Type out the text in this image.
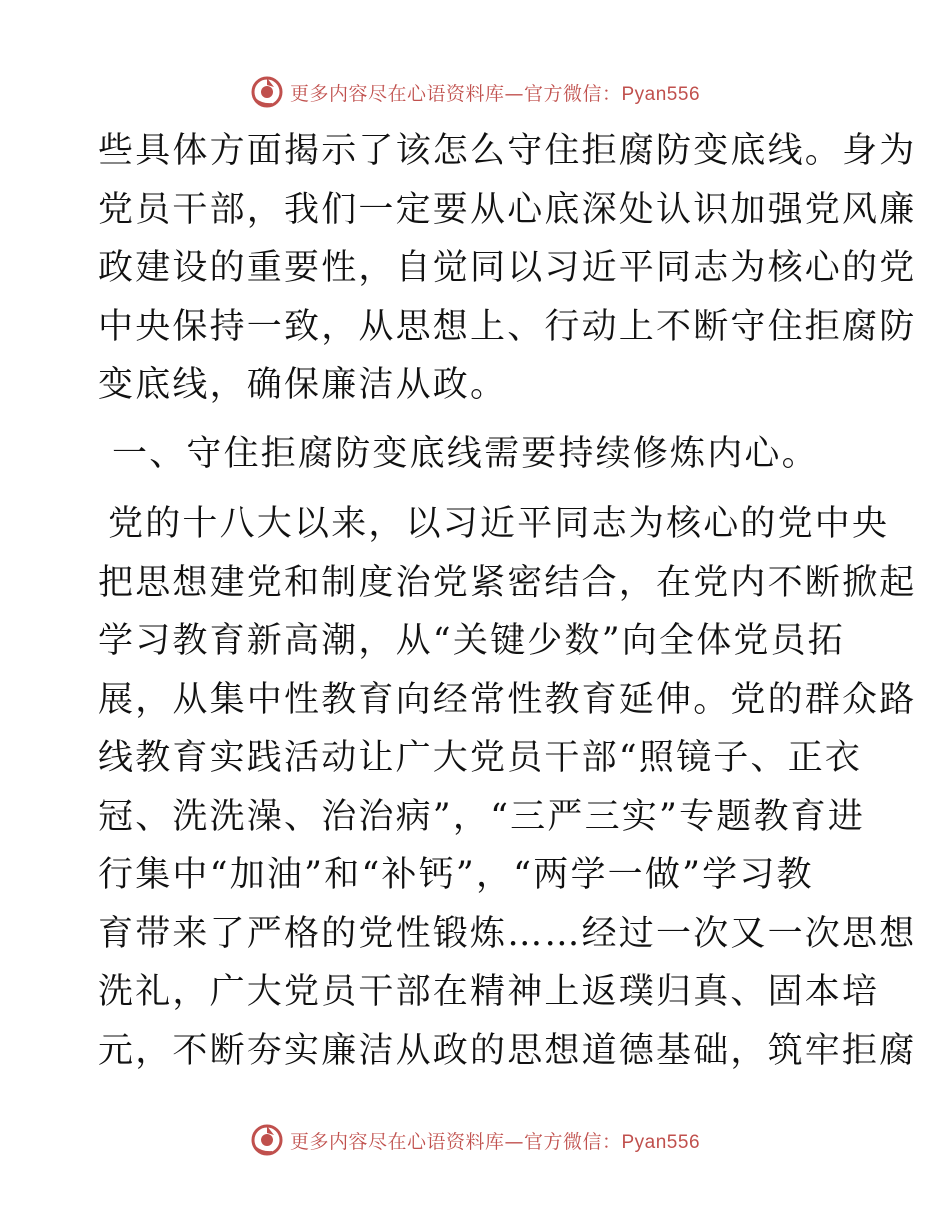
更多内容尽在心语资料库—官方微信：Pyan556
些具体方面揭示了该怎么守住拒腐防变底线。身为
党员干部，我们一定要从心底深处认识加强党风廉
政建设的重要性，自觉同以习近平同志为核心的党
中央保持一致，从思想上、行动上不断守住拒腐防
变底线，确保廉洁从政。
一、守住拒腐防变底线需要持续修炼内心。
党的十八大以来，以习近平同志为核心的党中央
把思想建党和制度治党紧密结合，在党内不断掀起
学习教育新高潮，从“关键少数”向全体党员拓
展，从集中性教育向经常性教育延伸。党的群众路
线教育实践活动让广大党员干部“照镜子、正衣
冠、洗洗澡、治治病”，“三严三实”专题教育进
行集中“加油”和“补钙”，“两学一做”学习教
育带来了严格的党性锻炼……经过一次又一次思想
洗礼，广大党员干部在精神上返璞归真、固本培
元，不断夯实廉洁从政的思想道德基础，筑牢拒腐
更多内容尽在心语资料库—官方微信：Pyan556
